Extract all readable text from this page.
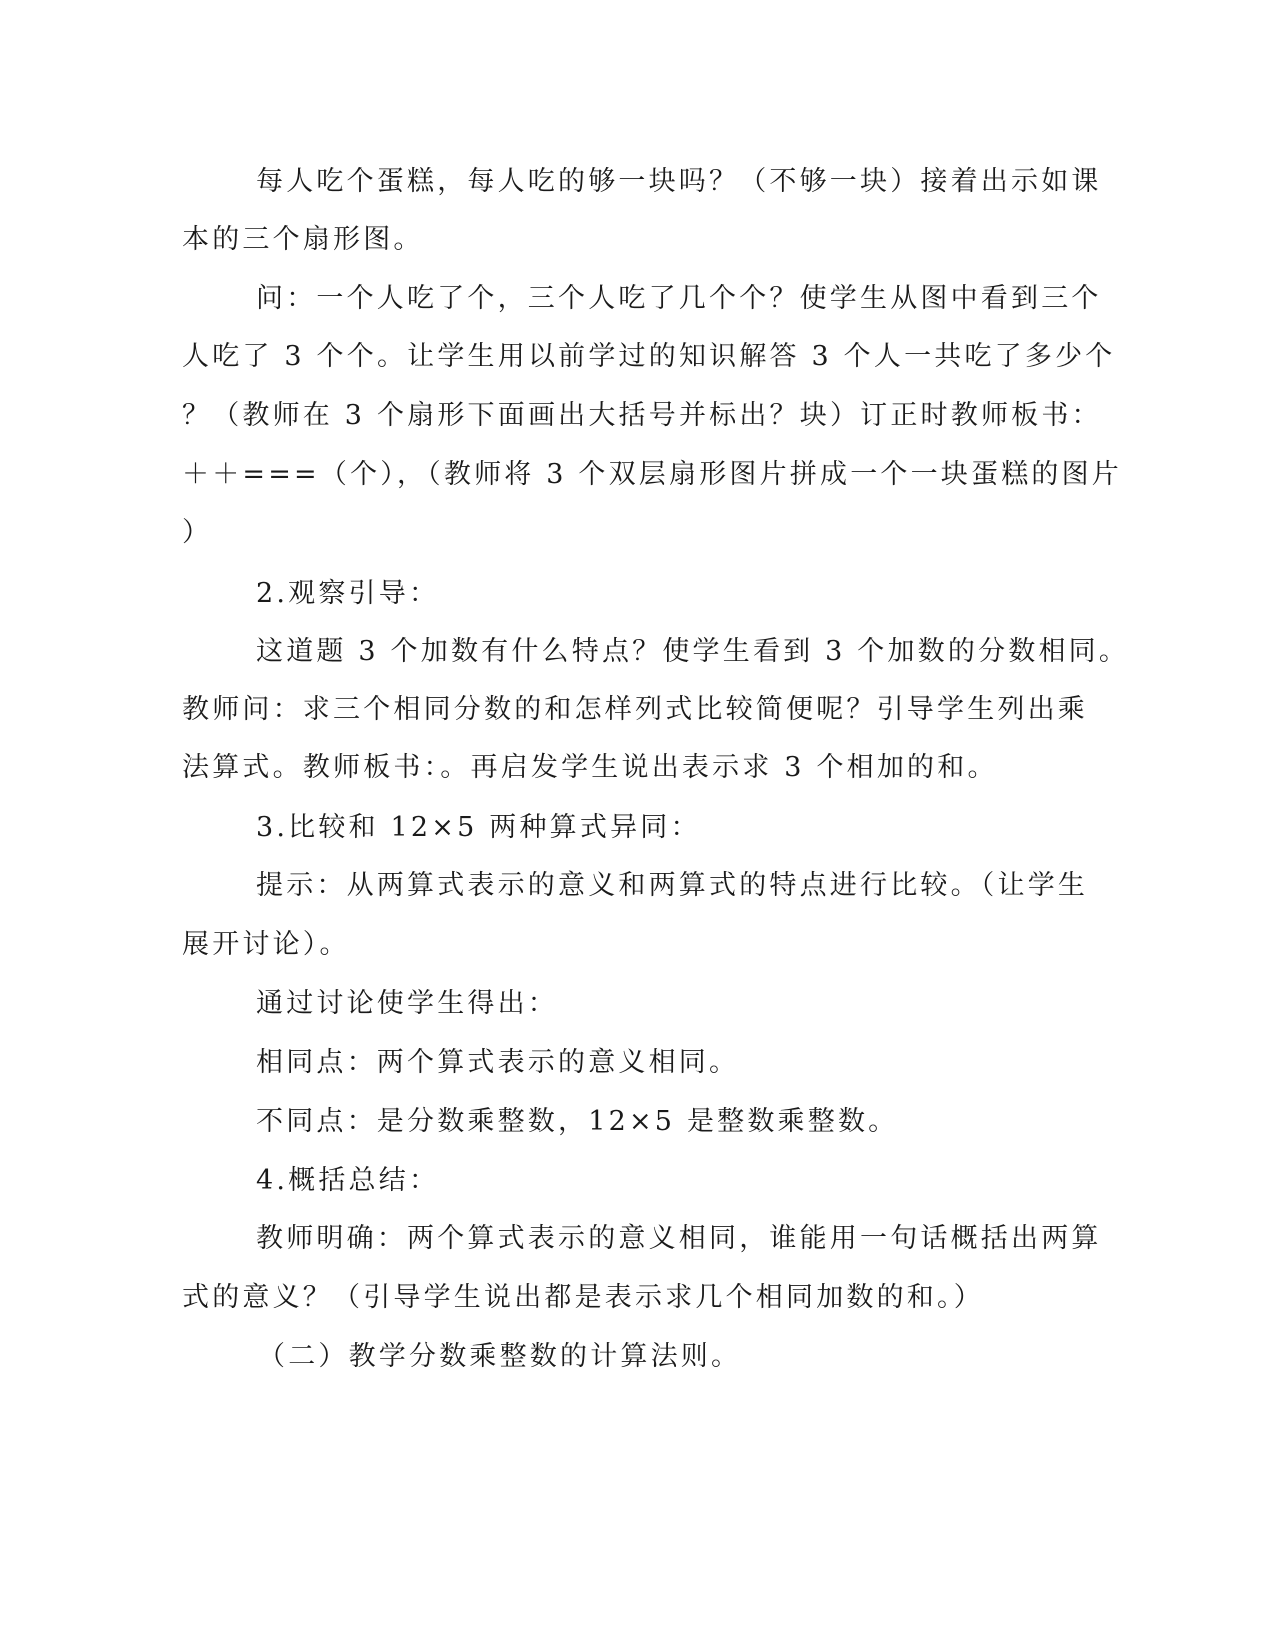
每人吃个蛋糕，每人吃的够一块吗？（不够一块）接着出示如课
本的三个扇形图。
问：一个人吃了个，三个人吃了几个个？使学生从图中看到三个
人吃了 3 个个。让学生用以前学过的知识解答 3 个人一共吃了多少个
？（教师在 3 个扇形下面画出大括号并标出？块）订正时教师板书：
＋＋===（个），（教师将 3 个双层扇形图片拼成一个一块蛋糕的图片
）
2.观察引导：
这道题 3 个加数有什么特点？使学生看到 3 个加数的分数相同。
教师问：求三个相同分数的和怎样列式比较简便呢？引导学生列出乘
法算式。教师板书：。再启发学生说出表示求 3 个相加的和。
3.比较和 12×5 两种算式异同：
提示：从两算式表示的意义和两算式的特点进行比较。（让学生
展开讨论）。
通过讨论使学生得出：
相同点：两个算式表示的意义相同。
不同点：是分数乘整数，12×5 是整数乘整数。
4.概括总结：
教师明确：两个算式表示的意义相同，谁能用一句话概括出两算
式的意义？（引导学生说出都是表示求几个相同加数的和。）
（二）教学分数乘整数的计算法则。
